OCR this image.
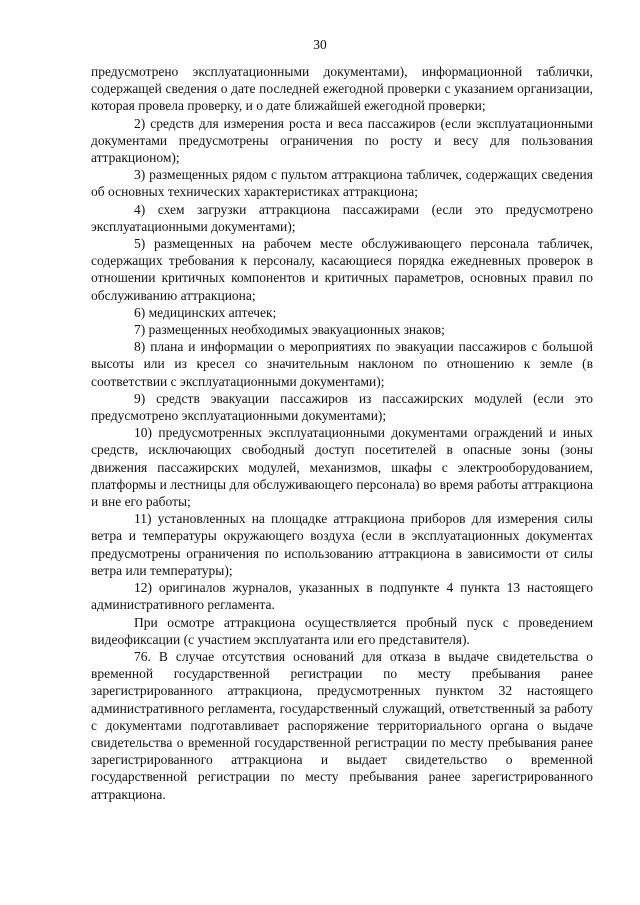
30

предусмотрено эксплуатационными документами), информационной таблички, содержащей сведения о дате последней ежегодной проверки с указанием организации, которая провела проверку, и о дате ближайшей ежегодной проверки;

2) средств для измерения роста и веса пассажиров (если эксплуатационными документами предусмотрены ограничения по росту и весу для пользования аттракционом);

3) размещенных рядом с пультом аттракциона табличек, содержащих сведения об основных технических характеристиках аттракциона;

4) схем загрузки аттракциона пассажирами (если это предусмотрено эксплуатационными документами);

5) размещенных на рабочем месте обслуживающего персонала табличек, содержащих требования к персоналу, касающиеся порядка ежедневных проверок в отношении критичных компонентов и критичных параметров, основных правил по обслуживанию аттракциона;

6) медицинских аптечек;

7) размещенных необходимых эвакуационных знаков;

8) плана и информации о мероприятиях по эвакуации пассажиров с большой высоты или из кресел со значительным наклоном по отношению к земле (в соответствии с эксплуатационными документами);

9) средств эвакуации пассажиров из пассажирских модулей (если это предусмотрено эксплуатационными документами);

10) предусмотренных эксплуатационными документами ограждений и иных средств, исключающих свободный доступ посетителей в опасные зоны (зоны движения пассажирских модулей, механизмов, шкафы с электрооборудованием, платформы и лестницы для обслуживающего персонала) во время работы аттракциона и вне его работы;

11) установленных на площадке аттракциона приборов для измерения силы ветра и температуры окружающего воздуха (если в эксплуатационных документах предусмотрены ограничения по использованию аттракциона в зависимости от силы ветра или температуры);

12) оригиналов журналов, указанных в подпункте 4 пункта 13 настоящего административного регламента.

При осмотре аттракциона осуществляется пробный пуск с проведением видеофиксации (с участием эксплуатанта или его представителя).

76. В случае отсутствия оснований для отказа в выдаче свидетельства о временной государственной регистрации по месту пребывания ранее зарегистрированного аттракциона, предусмотренных пунктом 32 настоящего административного регламента, государственный служащий, ответственный за работу с документами подготавливает распоряжение территориального органа о выдаче свидетельства о временной государственной регистрации по месту пребывания ранее зарегистрированного аттракциона и выдает свидетельство о временной государственной регистрации по месту пребывания ранее зарегистрированного аттракциона.
